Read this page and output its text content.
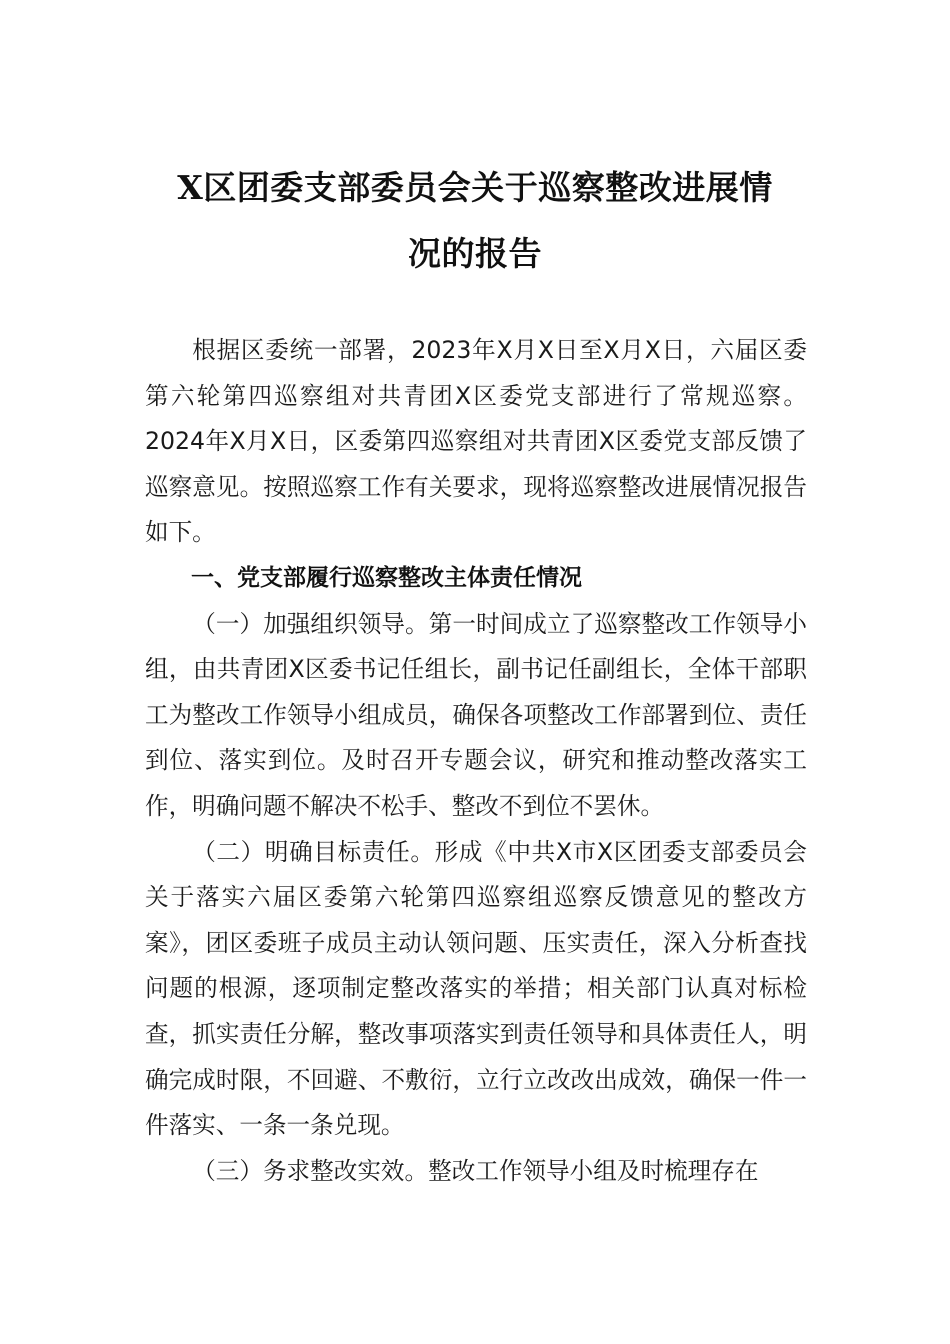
X区团委支部委员会关于巡察整改进展情
况的报告

根据区委统一部署，2023年X月X日至X月X日，六届区委第六轮第四巡察组对共青团X区委党支部进行了常规巡察。2024年X月X日，区委第四巡察组对共青团X区委党支部反馈了巡察意见。按照巡察工作有关要求，现将巡察整改进展情况报告如下。

一、党支部履行巡察整改主体责任情况

（一）加强组织领导。第一时间成立了巡察整改工作领导小组，由共青团X区委书记任组长，副书记任副组长，全体干部职工为整改工作领导小组成员，确保各项整改工作部署到位、责任到位、落实到位。及时召开专题会议，研究和推动整改落实工作，明确问题不解决不松手、整改不到位不罢休。

（二）明确目标责任。形成《中共X市X区团委支部委员会关于落实六届区委第六轮第四巡察组巡察反馈意见的整改方案》，团区委班子成员主动认领问题、压实责任，深入分析查找问题的根源，逐项制定整改落实的举措；相关部门认真对标检查，抓实责任分解，整改事项落实到责任领导和具体责任人，明确完成时限，不回避、不敷衍，立行立改改出成效，确保一件一件落实、一条一条兑现。

（三）务求整改实效。整改工作领导小组及时梳理存在
